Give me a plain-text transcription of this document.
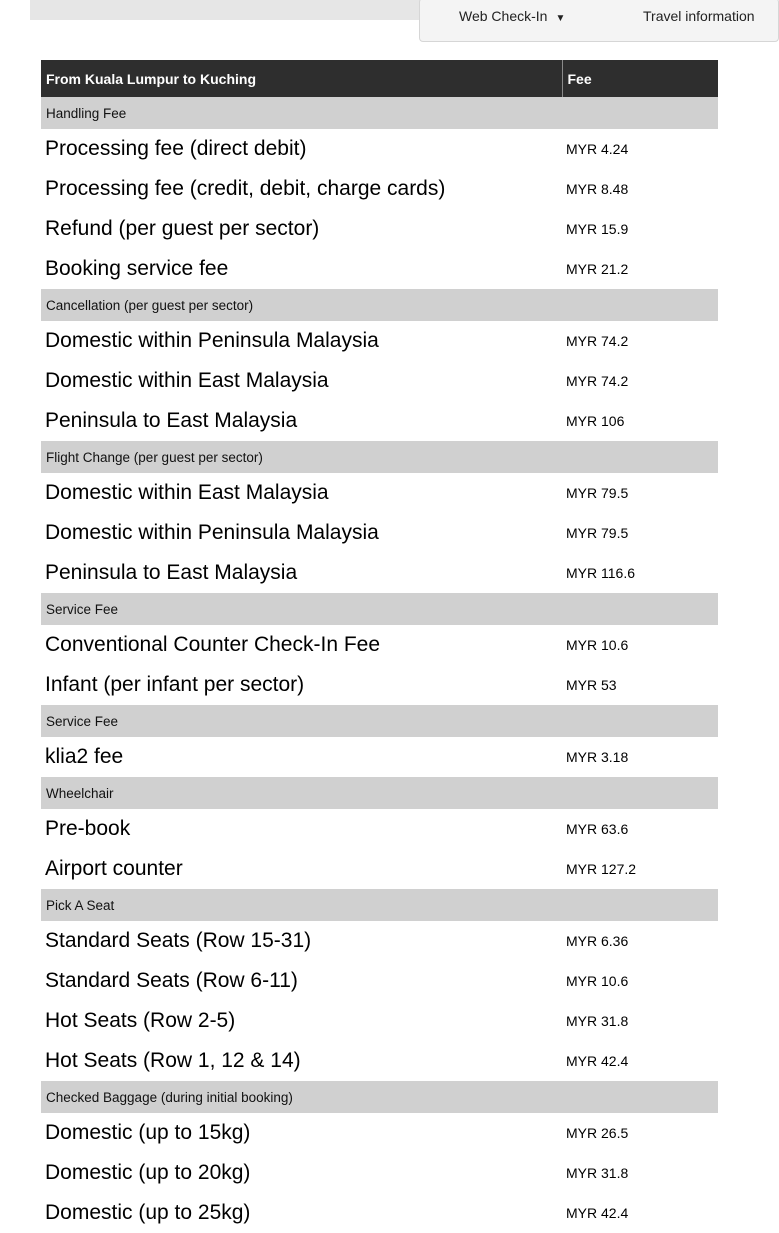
Web Check-In ▼	Travel information
From Kuala Lumpur to Kuching	Fee
Handling Fee	
Processing fee (direct debit)	MYR 4.24
Processing fee (credit, debit, charge cards)	MYR 8.48
Refund (per guest per sector)	MYR 15.9
Booking service fee	MYR 21.2
Cancellation (per guest per sector)	
Domestic within Peninsula Malaysia	MYR 74.2
Domestic within East Malaysia	MYR 74.2
Peninsula to East Malaysia	MYR 106
Flight Change (per guest per sector)	
Domestic within East Malaysia	MYR 79.5
Domestic within Peninsula Malaysia	MYR 79.5
Peninsula to East Malaysia	MYR 116.6
Service Fee	
Conventional Counter Check-In Fee	MYR 10.6
Infant (per infant per sector)	MYR 53
Service Fee	
klia2 fee	MYR 3.18
Wheelchair	
Pre-book	MYR 63.6
Airport counter	MYR 127.2
Pick A Seat	
Standard Seats (Row 15-31)	MYR 6.36
Standard Seats (Row 6-11)	MYR 10.6
Hot Seats (Row 2-5)	MYR 31.8
Hot Seats (Row 1, 12 & 14)	MYR 42.4
Checked Baggage (during initial booking)	
Domestic (up to 15kg)	MYR 26.5
Domestic (up to 20kg)	MYR 31.8
Domestic (up to 25kg)	MYR 42.4
